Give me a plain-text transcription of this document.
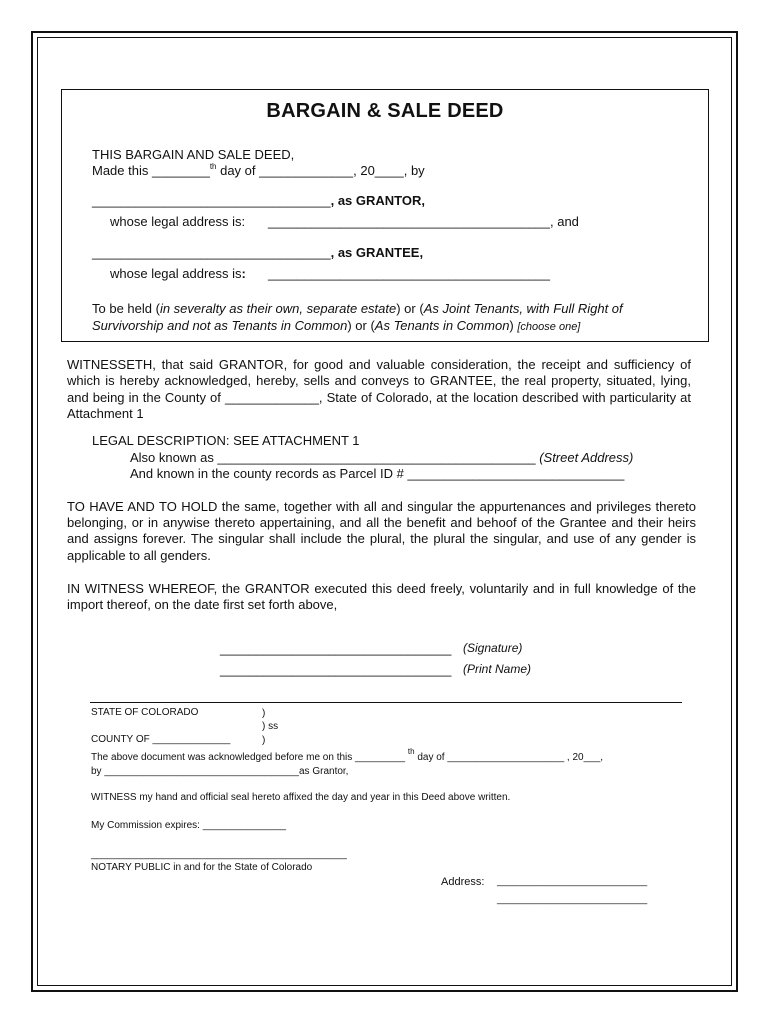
BARGAIN & SALE DEED
THIS BARGAIN AND SALE DEED,
Made this ________$^{th}$ day of _____________, 20____, by
_________________________________, as GRANTOR,
whose legal address is: _______________________________________, and
_________________________________, as GRANTEE,
whose legal address is: _______________________________________
To be held (in severalty as their own, separate estate) or (As Joint Tenants, with Full Right of
Survivorship and not as Tenants in Common) or (As Tenants in Common) [choose one]
WITNESSETH, that said GRANTOR, for good and valuable consideration, the receipt and sufficiency of which is hereby acknowledged, hereby, sells and conveys to GRANTEE, the real property, situated, lying, and being in the County of _____________, State of Colorado, at the location described with particularity at Attachment 1
LEGAL DESCRIPTION: SEE ATTACHMENT 1
Also known as ____________________________________________ (Street Address)
And known in the county records as Parcel ID # ______________________________
TO HAVE AND TO HOLD the same, together with all and singular the appurtenances and privileges thereto belonging, or in anywise thereto appertaining, and all the benefit and behoof of the Grantee and their heirs and assigns forever. The singular shall include the plural, the plural the singular, and use of any gender is applicable to all genders.
IN WITNESS WHEREOF, the GRANTOR executed this deed freely, voluntarily and in full knowledge of the import thereof, on the date first set forth above,
________________________________ (Signature)
________________________________ (Print Name)
STATE OF COLORADO	)
) ss
COUNTY OF ______________	)
The above document was acknowledged before me on this _________ $^{th}$ day of _____________________ , 20___,
by ___________________________________as Grantor,
WITNESS my hand and official seal hereto affixed the day and year in this Deed above written.
My Commission expires: _______________
______________________________________________
NOTARY PUBLIC in and for the State of Colorado
Address: ___________________________
___________________________
